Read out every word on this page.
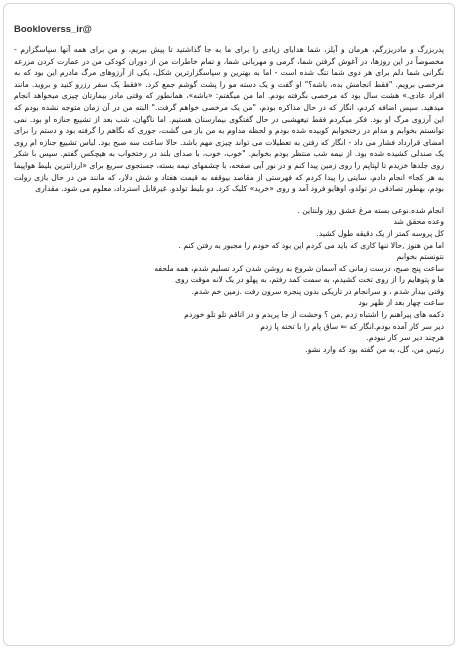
Bookloverss_ir@

پدربزرگ و مادربزرگم، هرمان و آیلز، شما هدایای زیادی را برای ما به جا گذاشتید تا پیش ببریم، و من برای همه آنها سپاسگزارم - مخصوصاً در این روزها، در آغوش گرفتن شما، گرمی و مهربانی شما، و تمام خاطرات من از دوران کودکی من در عمارت کردن مزرعه نگرانی شما دلم برای هر دوی شما تنگ شده است - اما به بهترین و سپاسگزارترین شکل، یکی از آرزوهای مرگ مادرم این بود که به مرخصی برویم. "فقط انجامش بده، باشه؟" او گفت و یک دسته مو را پشت گوشم جمع کرد. «فقط یک سفر رزرو کنید و بروید. مانند افراد عادی.» هشت سال بود که مرخصی نگرفته بودم. اما من میگفتم: «باشه»، همانطور که وقتی مادر بیمارتان چیزی میخواهد انجام میدهید. سپس اضافه کردم، انگار که در حال مذاکره بودم، "من یک مرخصی خواهم گرفت." البته من در آن زمان متوجه نشده بودم که این آرزوی مرگ او بود. فکر میکردم فقط تیغهشبی در حال گفتگوی بیمارستان هستیم. اما ناگهان، شب بعد از تشییع جنازه او بود. نمی توانستم بخوابم و مدام در رختخوابم کوبیده شده بودم و لحظه مداوم به من باز می گشت، جوری که نگاهم را گرفته بود و دستم را برای امضای قرارداد فشار می داد - انگار که رفتن به تعطیلات می تواند چیزی مهم باشد. حالا ساعت سه صبح بود. لباس تشییع جنازه ام روی یک صندلی کشیده شده بود. از نیمه شب منتظر بودم بخوابم. "خوب، خوب، با صدای بلند در رختخواب به هیچکس گفتم. سپس با شکر روی جلدها خزیدم تا لپتاپم را روی زمین پیدا کنم و در نور آبی صفحه، با چشمهای نیمه بسته، جستجوی سریع برای «ارزانترین بلیط هواپیما به هر کجا» انجام دادم، سایتی را پیدا کردم که فهرستی از مقاصد بیوقفه به قیمت هفتاد و شش دلار، که مانند من در حال بازی رولت بودم، بهطور تصادفی در تولدو، اوهایو فرود آمد و روی «خرید» کلیک کرد. دو بلیط تولدو. غیرقابل استرداد، معلوم می شود. مقداری

انجام شده.نوعی بسته مرغ عشق روز ولنتاین .
وعده محقق شد
کل پروسه کمتر از یک دقیقه طول کشید.
اما من هنوز ,حالا تنها کاری که باید می کردم این بود که خودم را مجبور به رفتن کنم .
نتونستم بخوابم
ساعت پنج صبح، درست زمانی که آسمان شروع به روشن شدن کرد تسلیم شدم، همه ملحفه
ها و پتوهایم را از روی تخت کشیدم، به سمت کمد رفتم، به پهلو در یک لانه موقت روی
وقتی بیدار شدم ، و سرانجام در تاریکی بدون پنجره سرون رفت .زمین خم شدم.
ساعت چهار بعد از ظهر بود
دکمه های پیراهنم را اشتباه زدم ,من ؟ وحشت از جا پریدم و در اتاقم تلو تلو خوردم
دیر سر کار آمده بودم.انگار که ⇐ ساق پام را با تخته پا زدم
هرچند دیر سر کار نبودم.
رئیس من، گل، به من گفته بود که وارد نشو.
